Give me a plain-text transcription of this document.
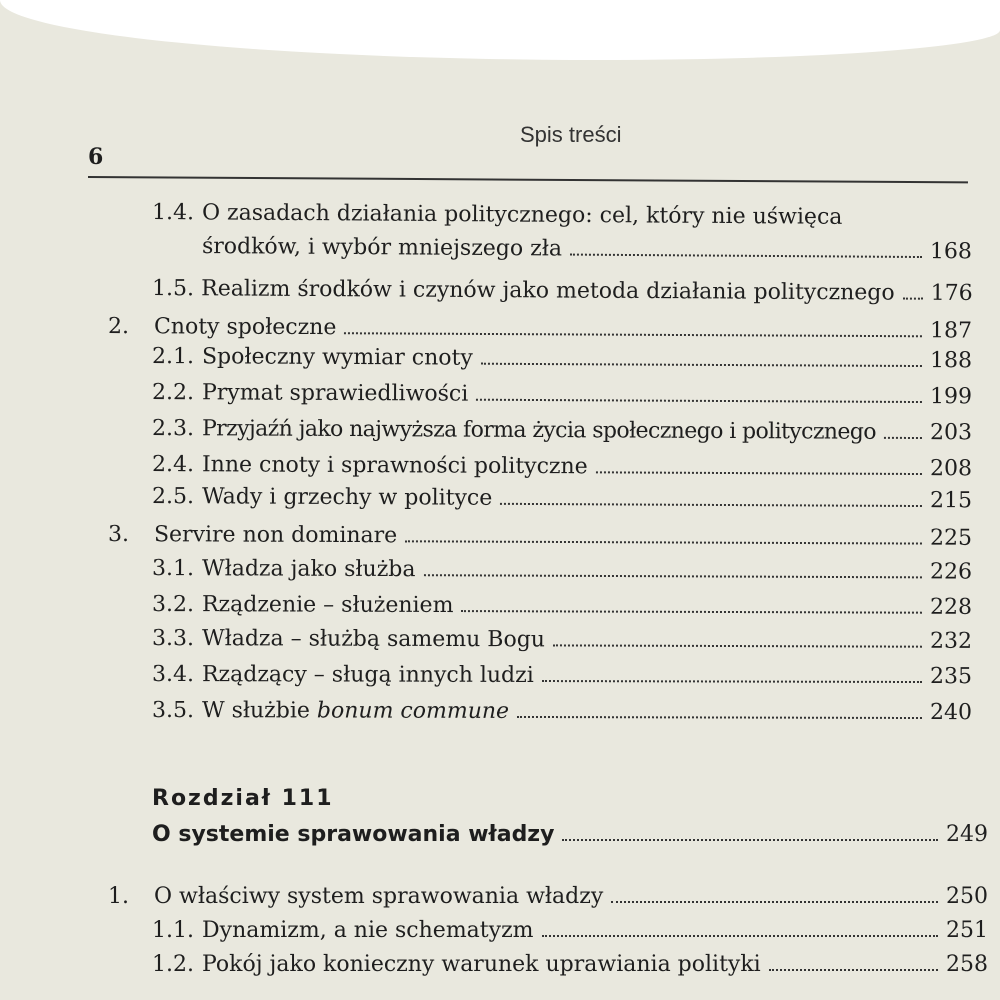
Spis treści
6
1.4. O zasadach działania politycznego: cel, który nie uświęca
środków, i wybór mniejszego zła	168
1.5. Realizm środków i czynów jako metoda działania politycznego 176
2.	Cnoty społeczne	187
2.1. Społeczny wymiar cnoty	188
2.2. Prymat sprawiedliwości	199
2.3. Przyjaźń jako najwyższa forma życia społecznego i politycznego 203
2.4. Inne cnoty i sprawności polityczne	208
2.5. Wady i grzechy w polityce	215
3.	Servire non dominare	225
3.1. Władza jako służba	226
3.2. Rządzenie – służeniem	228
3.3. Władza – służbą samemu Bogu	232
3.4. Rządzący – sługą innych ludzi	235
3.5. W służbie bonum commune	240
Rozdział 111
O systemie sprawowania władzy	249
1.	O właściwy system sprawowania władzy	250
1.1. Dynamizm, a nie schematyzm	251
1.2. Pokój jako konieczny warunek uprawiania polityki	258
